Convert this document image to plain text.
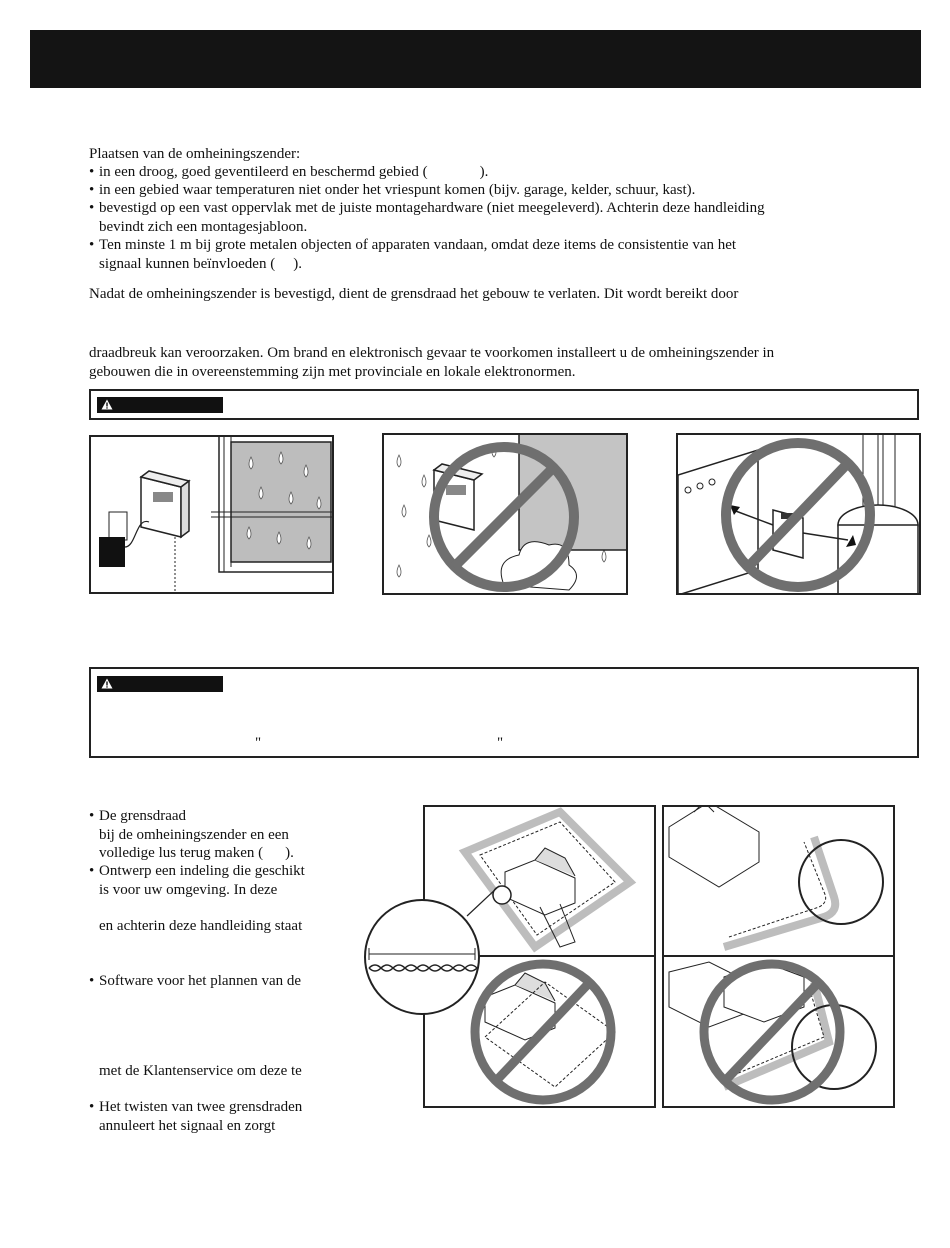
Plaatsen van de omheiningszender:
• in een droog, goed geventileerd en beschermd gebied (	).
• in een gebied waar temperaturen niet onder het vriespunt komen (bijv. garage, kelder, schuur, kast).
• bevestigd op een vast oppervlak met de juiste montagehardware (niet meegeleverd). Achterin deze handleiding
bevindt zich een montagesjabloon.
• Ten minste 1 m bij grote metalen objecten of apparaten vandaan, omdat deze items de consistentie van het
signaal kunnen beïnvloeden ( ).
Nadat de omheiningszender is bevestigd, dient de grensdraad het gebouw te verlaten. Dit wordt bereikt door
draadbreuk kan veroorzaken. Om brand en elektronisch gevaar te voorkomen installeert u de omheiningszender in
gebouwen die in overeenstemming zijn met provinciale en lokale elektronormen.
"	"
• De grensdraad
bij de omheiningszender en een
volledige lus terug maken ( ).
• Ontwerp een indeling die geschikt
is voor uw omgeving. In deze
en achterin deze handleiding staat
• Software voor het plannen van de
met de Klantenservice om deze te
• Het twisten van twee grensdraden
annuleert het signaal en zorgt
